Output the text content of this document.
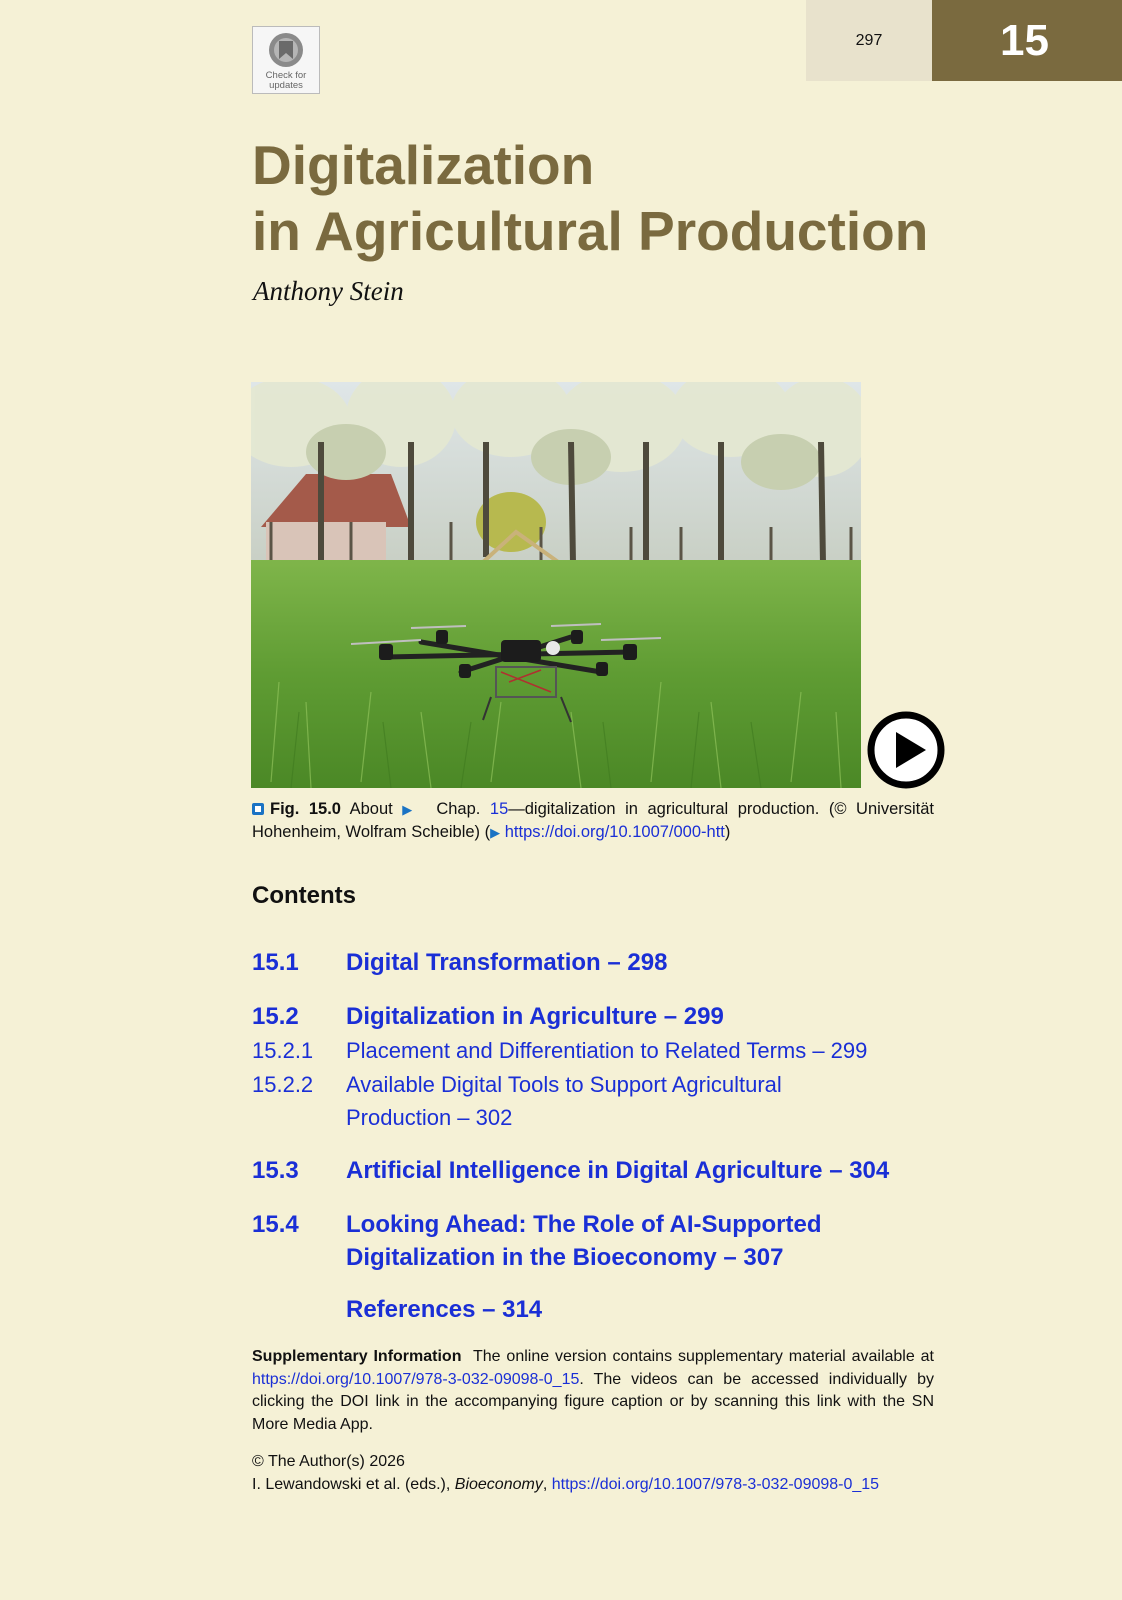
297	15
Check for
updates
Digitalization
in Agricultural Production
Anthony Stein
Fig. 15.0 About ▶ Chap. 15—digitalization in agricultural production. (© Universität Hohenheim, Wolfram Scheible) (▶ https://doi.org/10.1007/000-htt)
Contents
15.1	Digital Transformation – 298
15.2	Digitalization in Agriculture – 299
15.2.1	Placement and Differentiation to Related Terms – 299
15.2.2	Available Digital Tools to Support Agricultural Production – 302
15.3	Artificial Intelligence in Digital Agriculture – 304
15.4	Looking Ahead: The Role of AI-Supported Digitalization in the Bioeconomy – 307
References – 314
Supplementary Information The online version contains supplementary material available at https://doi.org/10.1007/978-3-032-09098-0_15. The videos can be accessed individually by clicking the DOI link in the accompanying figure caption or by scanning this link with the SN More Media App.
© The Author(s) 2026
I. Lewandowski et al. (eds.), Bioeconomy, https://doi.org/10.1007/978-3-032-09098-0_15
